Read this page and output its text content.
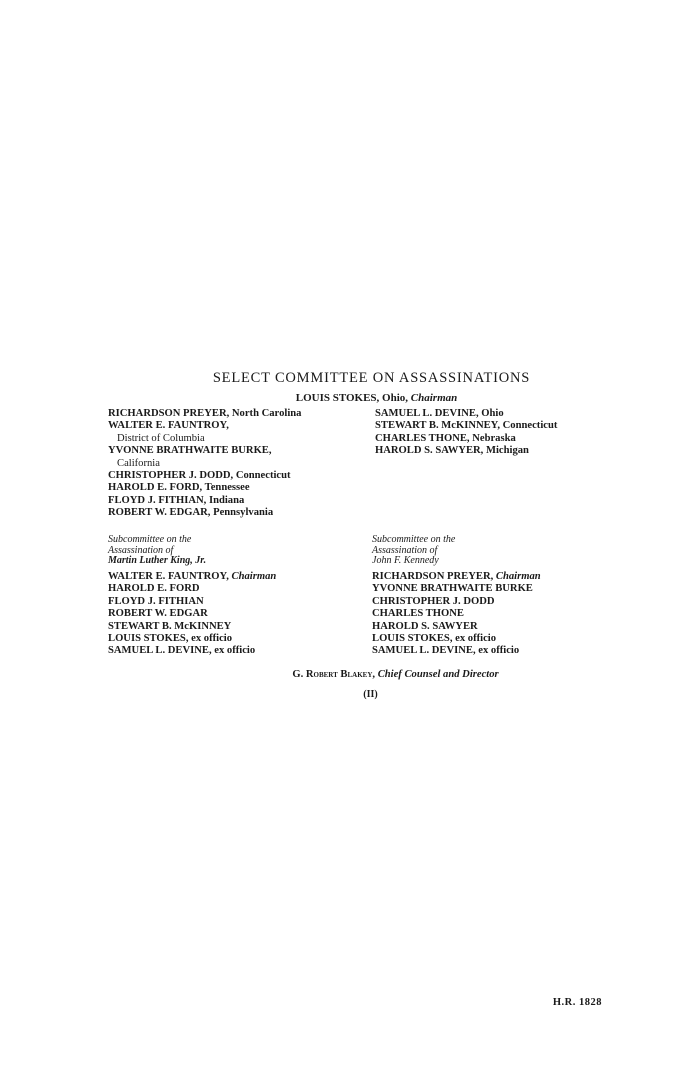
SELECT COMMITTEE ON ASSASSINATIONS
LOUIS STOKES, Ohio, Chairman
RICHARDSON PREYER, North Carolina
WALTER E. FAUNTROY,
District of Columbia
YVONNE BRATHWAITE BURKE,
California
CHRISTOPHER J. DODD, Connecticut
HAROLD E. FORD, Tennessee
FLOYD J. FITHIAN, Indiana
ROBERT W. EDGAR, Pennsylvania
SAMUEL L. DEVINE, Ohio
STEWART B. McKINNEY, Connecticut
CHARLES THONE, Nebraska
HAROLD S. SAWYER, Michigan
Subcommittee on the
Assassination of
Martin Luther King, Jr.
Subcommittee on the
Assassination of
John F. Kennedy
WALTER E. FAUNTROY, Chairman
HAROLD E. FORD
FLOYD J. FITHIAN
ROBERT W. EDGAR
STEWART B. McKINNEY
LOUIS STOKES, ex officio
SAMUEL L. DEVINE, ex officio
RICHARDSON PREYER, Chairman
YVONNE BRATHWAITE BURKE
CHRISTOPHER J. DODD
CHARLES THONE
HAROLD S. SAWYER
LOUIS STOKES, ex officio
SAMUEL L. DEVINE, ex officio
G. Robert Blakey, Chief Counsel and Director
(II)
H.R. 1828
